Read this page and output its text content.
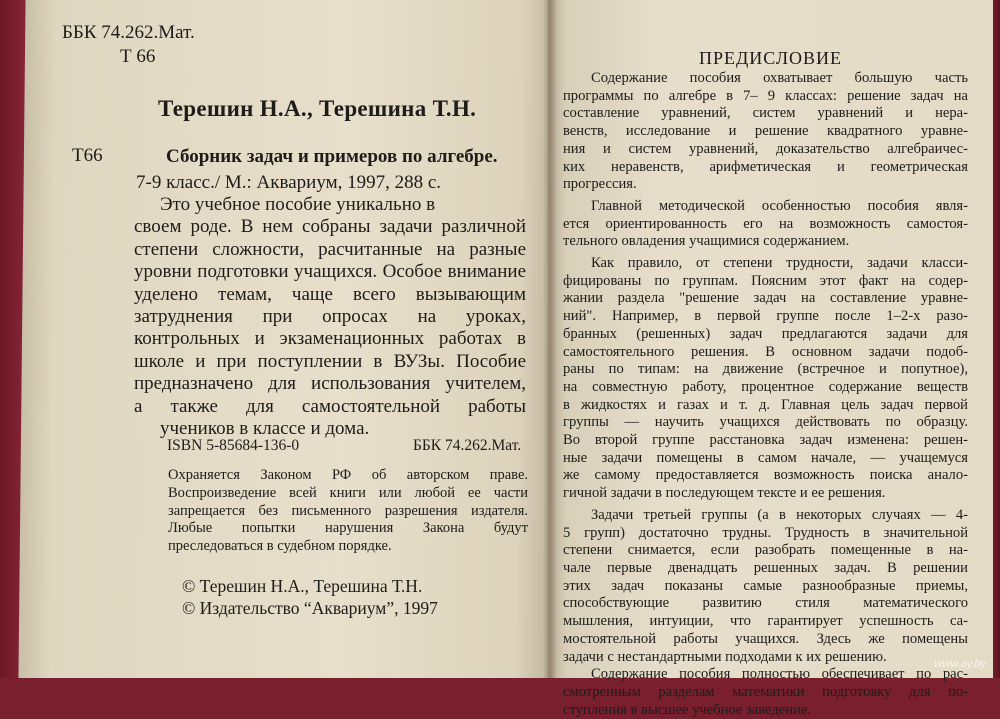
ББК 74.262.Мат.
Т 66
Терешин Н.А., Терешина Т.Н.
Т66	Сборник задач и примеров по алгебре.
7-9 класс./ М.: Аквариум, 1997, 288 с.
Это учебное пособие уникально в
своем роде. В нем собраны задачи различной
степени сложности, расчитанные на разные
уровни подготовки учащихся. Особое внимание
уделено темам, чаще всего вызывающим
затруднения при опросах на уроках,
контрольных и экзаменационных работах в
школе и при поступлении в ВУЗы. Пособие
предназначено для использования учителем,
а также для самостоятельной работы
учеников в классе и дома.
ISBN 5-85684-136-0	ББК 74.262.Мат.
Охраняется Законом РФ об авторском праве.
Воспроизведение всей книги или любой ее части
запрещается без письменного разрешения издателя.
Любые попытки нарушения Закона будут
преследоваться в судебном порядке.
© Терешин Н.А., Терешина Т.Н.
© Издательство “Аквариум”, 1997
ПРЕДИСЛОВИЕ
Содержание пособия охватывает большую часть
программы по алгебре в 7– 9 классах: решение задач на
составление уравнений, систем уравнений и нера-
венств, исследование и решение квадратного уравне-
ния и систем уравнений, доказательство алгебраичес-
ких неравенств, арифметическая и геометрическая
прогрессия.
Главной методической особенностью пособия явля-
ется ориентированность его на возможность самостоя-
тельного овладения учащимися содержанием.
Как правило, от степени трудности, задачи класси-
фицированы по группам. Поясним этот факт на содер-
жании раздела "решение задач на составление уравне-
ний". Например, в первой группе после 1–2-х разо-
бранных (решенных) задач предлагаются задачи для
самостоятельного решения. В основном задачи подоб-
раны по типам: на движение (встречное и попутное),
на совместную работу, процентное содержание веществ
в жидкостях и газах и т. д. Главная цель задач первой
группы — научить учащихся действовать по образцу.
Во второй группе расстановка задач изменена: решен-
ные задачи помещены в самом начале, — учащемуся
же самому предоставляется возможность поиска анало-
гичной задачи в последующем тексте и ее решения.
Задачи третьей группы (а в некоторых случаях — 4-
5 групп) достаточно трудны. Трудность в значительной
степени снимается, если разобрать помещенные в на-
чале первые двенадцать решенных задач. В решении
этих задач показаны самые разнообразные приемы,
способствующие развитию стиля математического
мышления, интуиции, что гарантирует успешность са-
мостоятельной работы учащихся. Здесь же помещены
задачи с нестандартными подходами к их решению.
Содержание пособия полностью обеспечивает по рас-
смотренным разделам математики подготовку для по-
ступления в высшее учебное заведение.
www.ay.by
